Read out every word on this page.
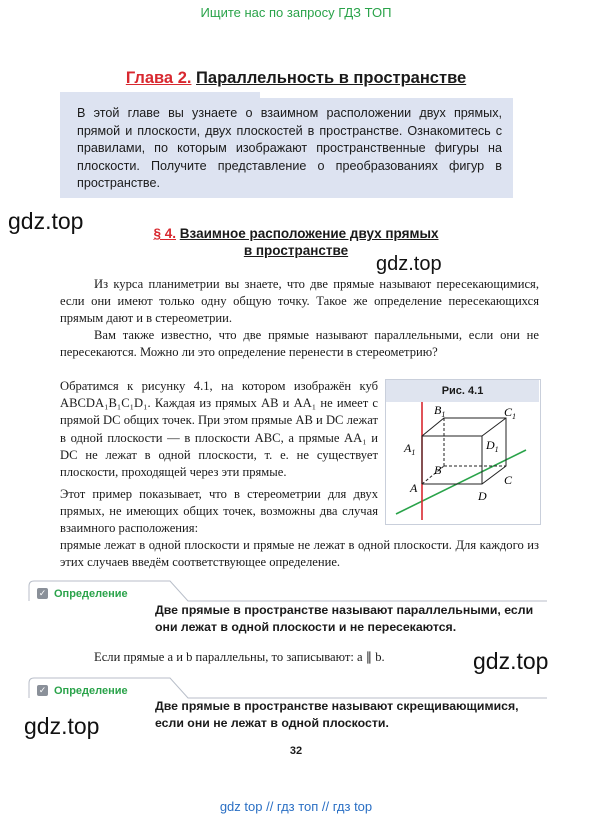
Ищите нас по запросу ГДЗ ТОП
Глава 2. Параллельность в пространстве
В этой главе вы узнаете о взаимном расположении двух прямых, прямой и плоскости, двух плоскостей в пространстве. Ознакомитесь с правилами, по которым изображают пространственные фигуры на плоскости. Получите представление о преобразованиях фигур в пространстве.
gdz.top	§ 4. Взаимное расположение двух прямых
в пространстве
gdz.top
Из курса планиметрии вы знаете, что две прямые называют пересекающимися, если они имеют только одну общую точку. Такое же определение пересекающихся прямым дают и в стереометрии.
Вам также известно, что две прямые называют параллельными, если они не пересекаются. Можно ли это определение перенести в стереометрию?
Обратимся к рисунку 4.1, на котором изображён куб ABCDA₁B₁C₁D₁. Каждая из прямых AB и AA₁ не имеет с прямой DC общих точек. При этом прямые AB и DC лежат в одной плоскости — в плоскости ABC, а прямые AA₁ и DC не лежат в одной плоскости, т. е. не существует плоскости, проходящей через эти прямые.
Этот пример показывает, что в стереометрии для двух прямых, не имеющих общих точек, возможны два случая взаимного расположения:
прямые лежат в одной плоскости и прямые не лежат в одной плоскости. Для каждого из этих случаев введём соответствующее определение.
Рис. 4.1
$A_1$
$B_1$	$C_1$
$D_1$
B
C
A
D
✓ Определение
Две прямые в пространстве называют параллельными, если они лежат в одной плоскости и не пересекаются.
Если прямые a и b параллельны, то записывают: a ∥ b.	gdz.top
✓ Определение
Две прямые в пространстве называют скрещивающимися, если они не лежат в одной плоскости.
gdz.top
32
gdz top // гдз топ // гдз top
